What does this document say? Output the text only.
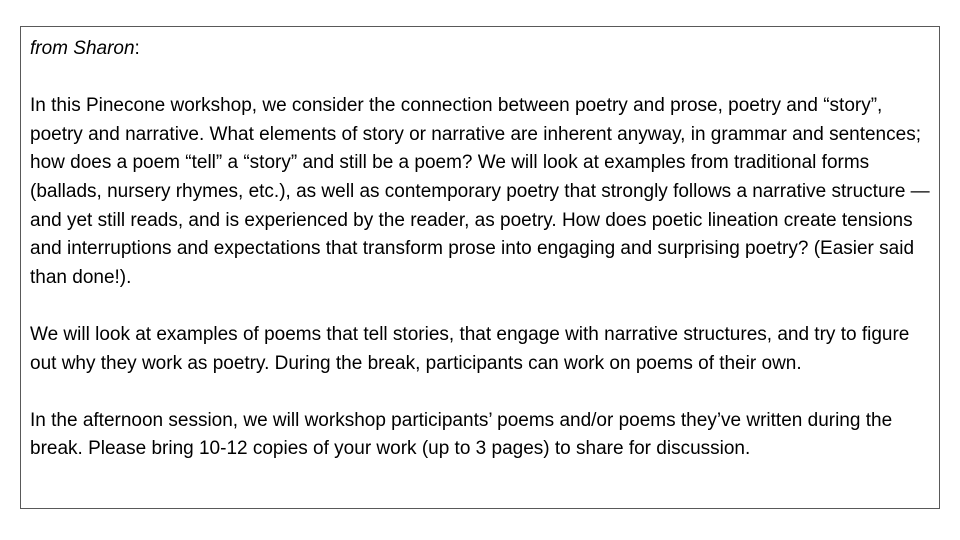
from Sharon:

In this Pinecone workshop, we consider the connection between poetry and prose, poetry and “story”, poetry and narrative. What elements of story or narrative are inherent anyway, in grammar and sentences; how does a poem “tell” a “story” and still be a poem? We will look at examples from traditional forms (ballads, nursery rhymes, etc.), as well as contemporary poetry that strongly follows a narrative structure — and yet still reads, and is experienced by the reader, as poetry. How does poetic lineation create tensions and interruptions and expectations that transform prose into engaging and surprising poetry? (Easier said than done!).

We will look at examples of poems that tell stories, that engage with narrative structures, and try to figure out why they work as poetry. During the break, participants can work on poems of their own.

In the afternoon session, we will workshop participants’ poems and/or poems they’ve written during the break. Please bring 10-12 copies of your work (up to 3 pages) to share for discussion.
